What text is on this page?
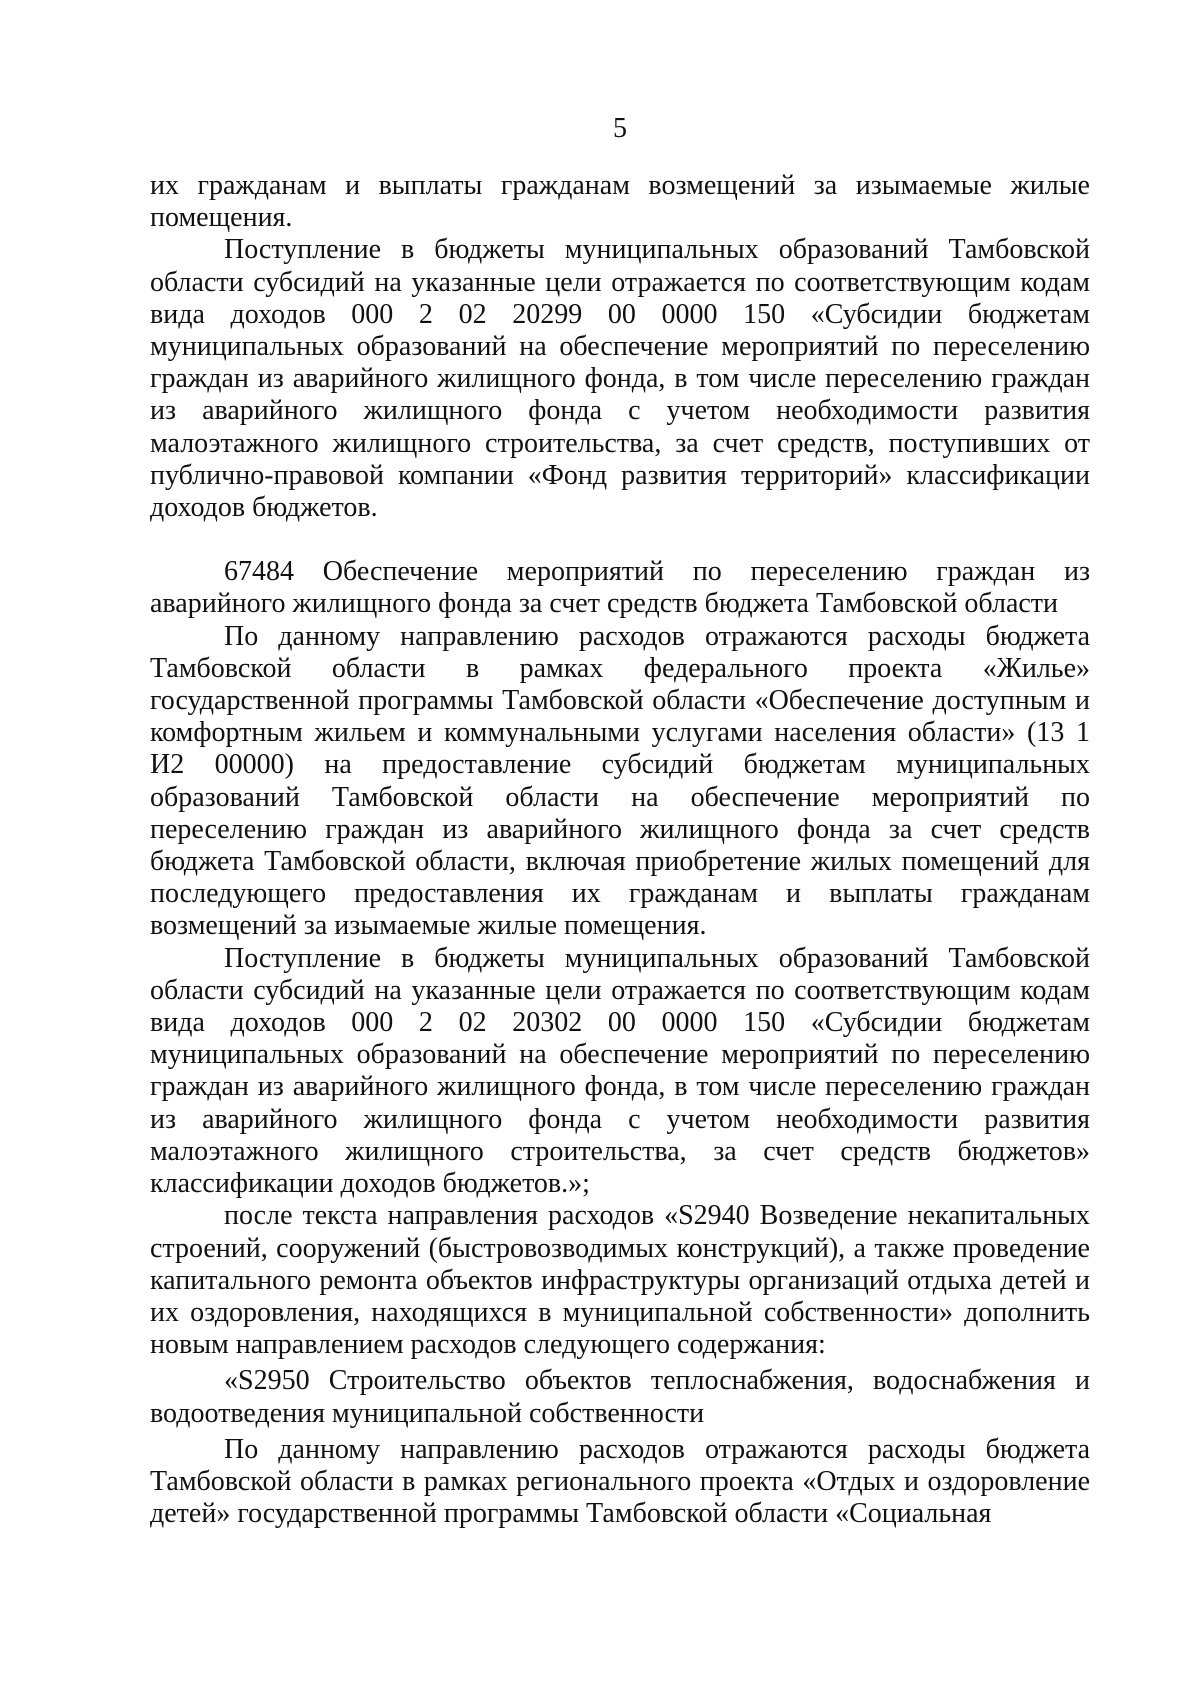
5

их гражданам и выплаты гражданам возмещений за изымаемые жилые помещения.

Поступление в бюджеты муниципальных образований Тамбовской области субсидий на указанные цели отражается по соответствующим кодам вида доходов 000 2 02 20299 00 0000 150 «Субсидии бюджетам муниципальных образований на обеспечение мероприятий по переселению граждан из аварийного жилищного фонда, в том числе переселению граждан из аварийного жилищного фонда с учетом необходимости развития малоэтажного жилищного строительства, за счет средств, поступивших от публично-правовой компании «Фонд развития территорий» классификации доходов бюджетов.

67484 Обеспечение мероприятий по переселению граждан из аварийного жилищного фонда за счет средств бюджета Тамбовской области

По данному направлению расходов отражаются расходы бюджета Тамбовской области в рамках федерального проекта «Жилье» государственной программы Тамбовской области «Обеспечение доступным и комфортным жильем и коммунальными услугами населения области» (13 1 И2 00000) на предоставление субсидий бюджетам муниципальных образований Тамбовской области на обеспечение мероприятий по переселению граждан из аварийного жилищного фонда за счет средств бюджета Тамбовской области, включая приобретение жилых помещений для последующего предоставления их гражданам и выплаты гражданам возмещений за изымаемые жилые помещения.

Поступление в бюджеты муниципальных образований Тамбовской области субсидий на указанные цели отражается по соответствующим кодам вида доходов 000 2 02 20302 00 0000 150 «Субсидии бюджетам муниципальных образований на обеспечение мероприятий по переселению граждан из аварийного жилищного фонда, в том числе переселению граждан из аварийного жилищного фонда с учетом необходимости развития малоэтажного жилищного строительства, за счет средств бюджетов» классификации доходов бюджетов.»;

после текста направления расходов «S2940 Возведение некапитальных строений, сооружений (быстровозводимых конструкций), а также проведение капитального ремонта объектов инфраструктуры организаций отдыха детей и их оздоровления, находящихся в муниципальной собственности» дополнить новым направлением расходов следующего содержания:

«S2950 Строительство объектов теплоснабжения, водоснабжения и водоотведения муниципальной собственности

По данному направлению расходов отражаются расходы бюджета Тамбовской области в рамках регионального проекта «Отдых и оздоровление детей» государственной программы Тамбовской области «Социальная
